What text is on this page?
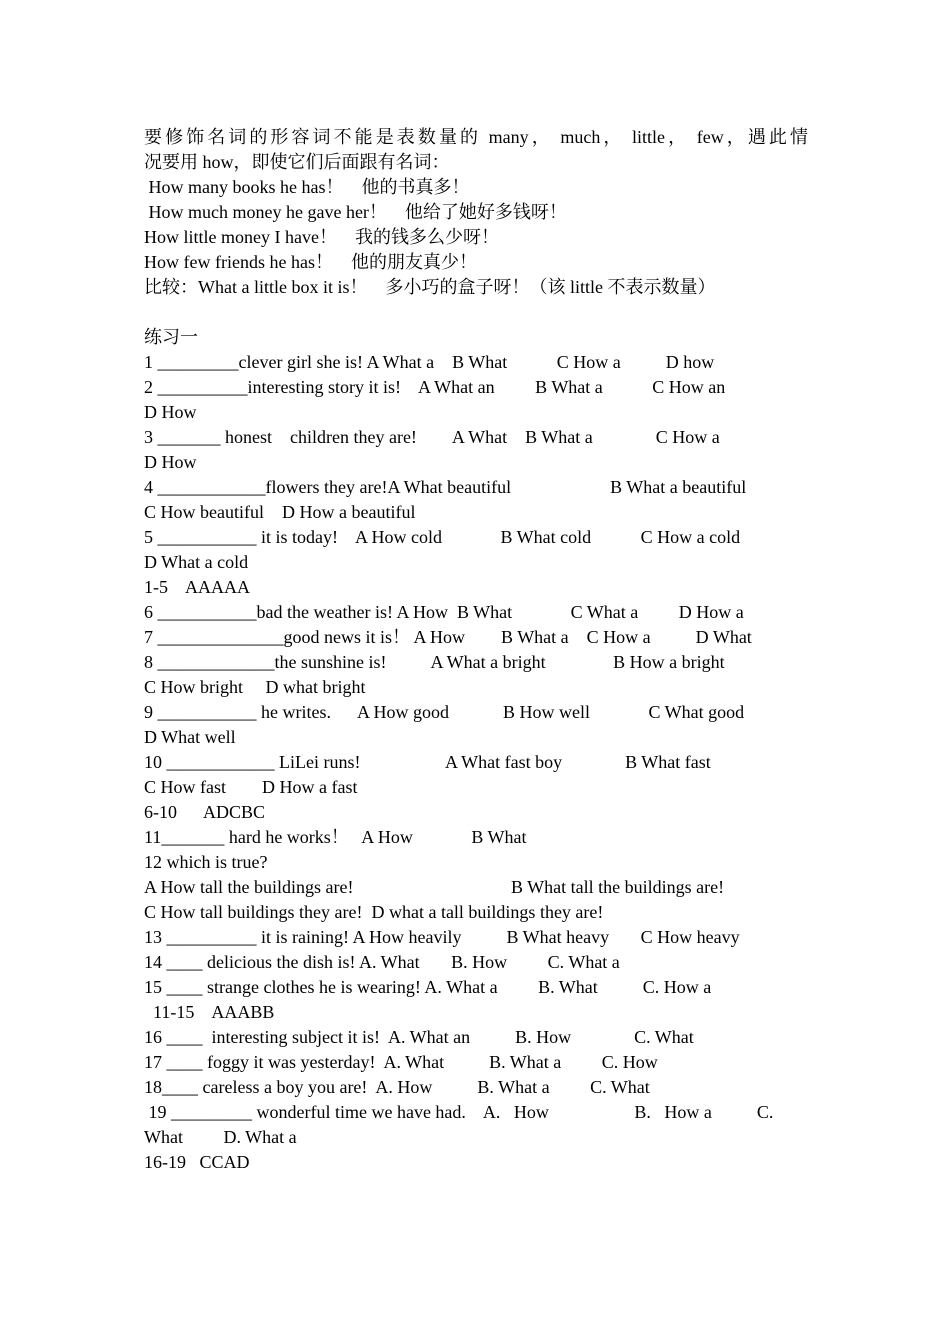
要修饰名词的形容词不能是表数量的 many， much， little， few，遇此情
况要用 how，即使它们后面跟有名词：
How many books he has！    他的书真多！
How much money he gave her！    他给了她好多钱呀！
How little money I have！    我的钱多么少呀！
How few friends he has！    他的朋友真少！
比较：What a little box it is！    多小巧的盒子呀！（该 little 不表示数量）
练习一
1 _________clever girl she is! A What a    B What           C How a          D how
2 __________interesting story it is!    A What an         B What a           C How an
D How
3 _______ honest    children they are!        A What    B What a              C How a
D How
4 ____________flowers they are!A What beautiful                      B What a beautiful
C How beautiful    D How a beautiful
5 ___________ it is today!    A How cold             B What cold           C How a cold
D What a cold
1-5    AAAAA
6 ___________bad the weather is! A How  B What             C What a         D How a
7 ______________good news it is！ A How        B What a    C How a          D What
8 _____________the sunshine is!          A What a bright               B How a bright
C How bright     D what bright
9 ___________ he writes.      A How good            B How well             C What good
D What well
10 ____________ LiLei runs!                   A What fast boy              B What fast
C How fast        D How a fast
6-10      ADCBC
11_______ hard he works！   A How             B What
12 which is true?
A How tall the buildings are!                                   B What tall the buildings are!
C How tall buildings they are!  D what a tall buildings they are!
13 __________ it is raining! A How heavily          B What heavy       C How heavy
14 ____ delicious the dish is! A. What       B. How         C. What a
15 ____ strange clothes he is wearing! A. What a         B. What          C. How a
11-15    AAABB
16 ____  interesting subject it is!  A. What an          B. How              C. What
17 ____ foggy it was yesterday!  A. What          B. What a         C. How
18____ careless a boy you are!  A. How          B. What a         C. What
19 _________ wonderful time we have had.    A.   How                   B.   How a          C.
What         D. What a
16-19   CCAD
